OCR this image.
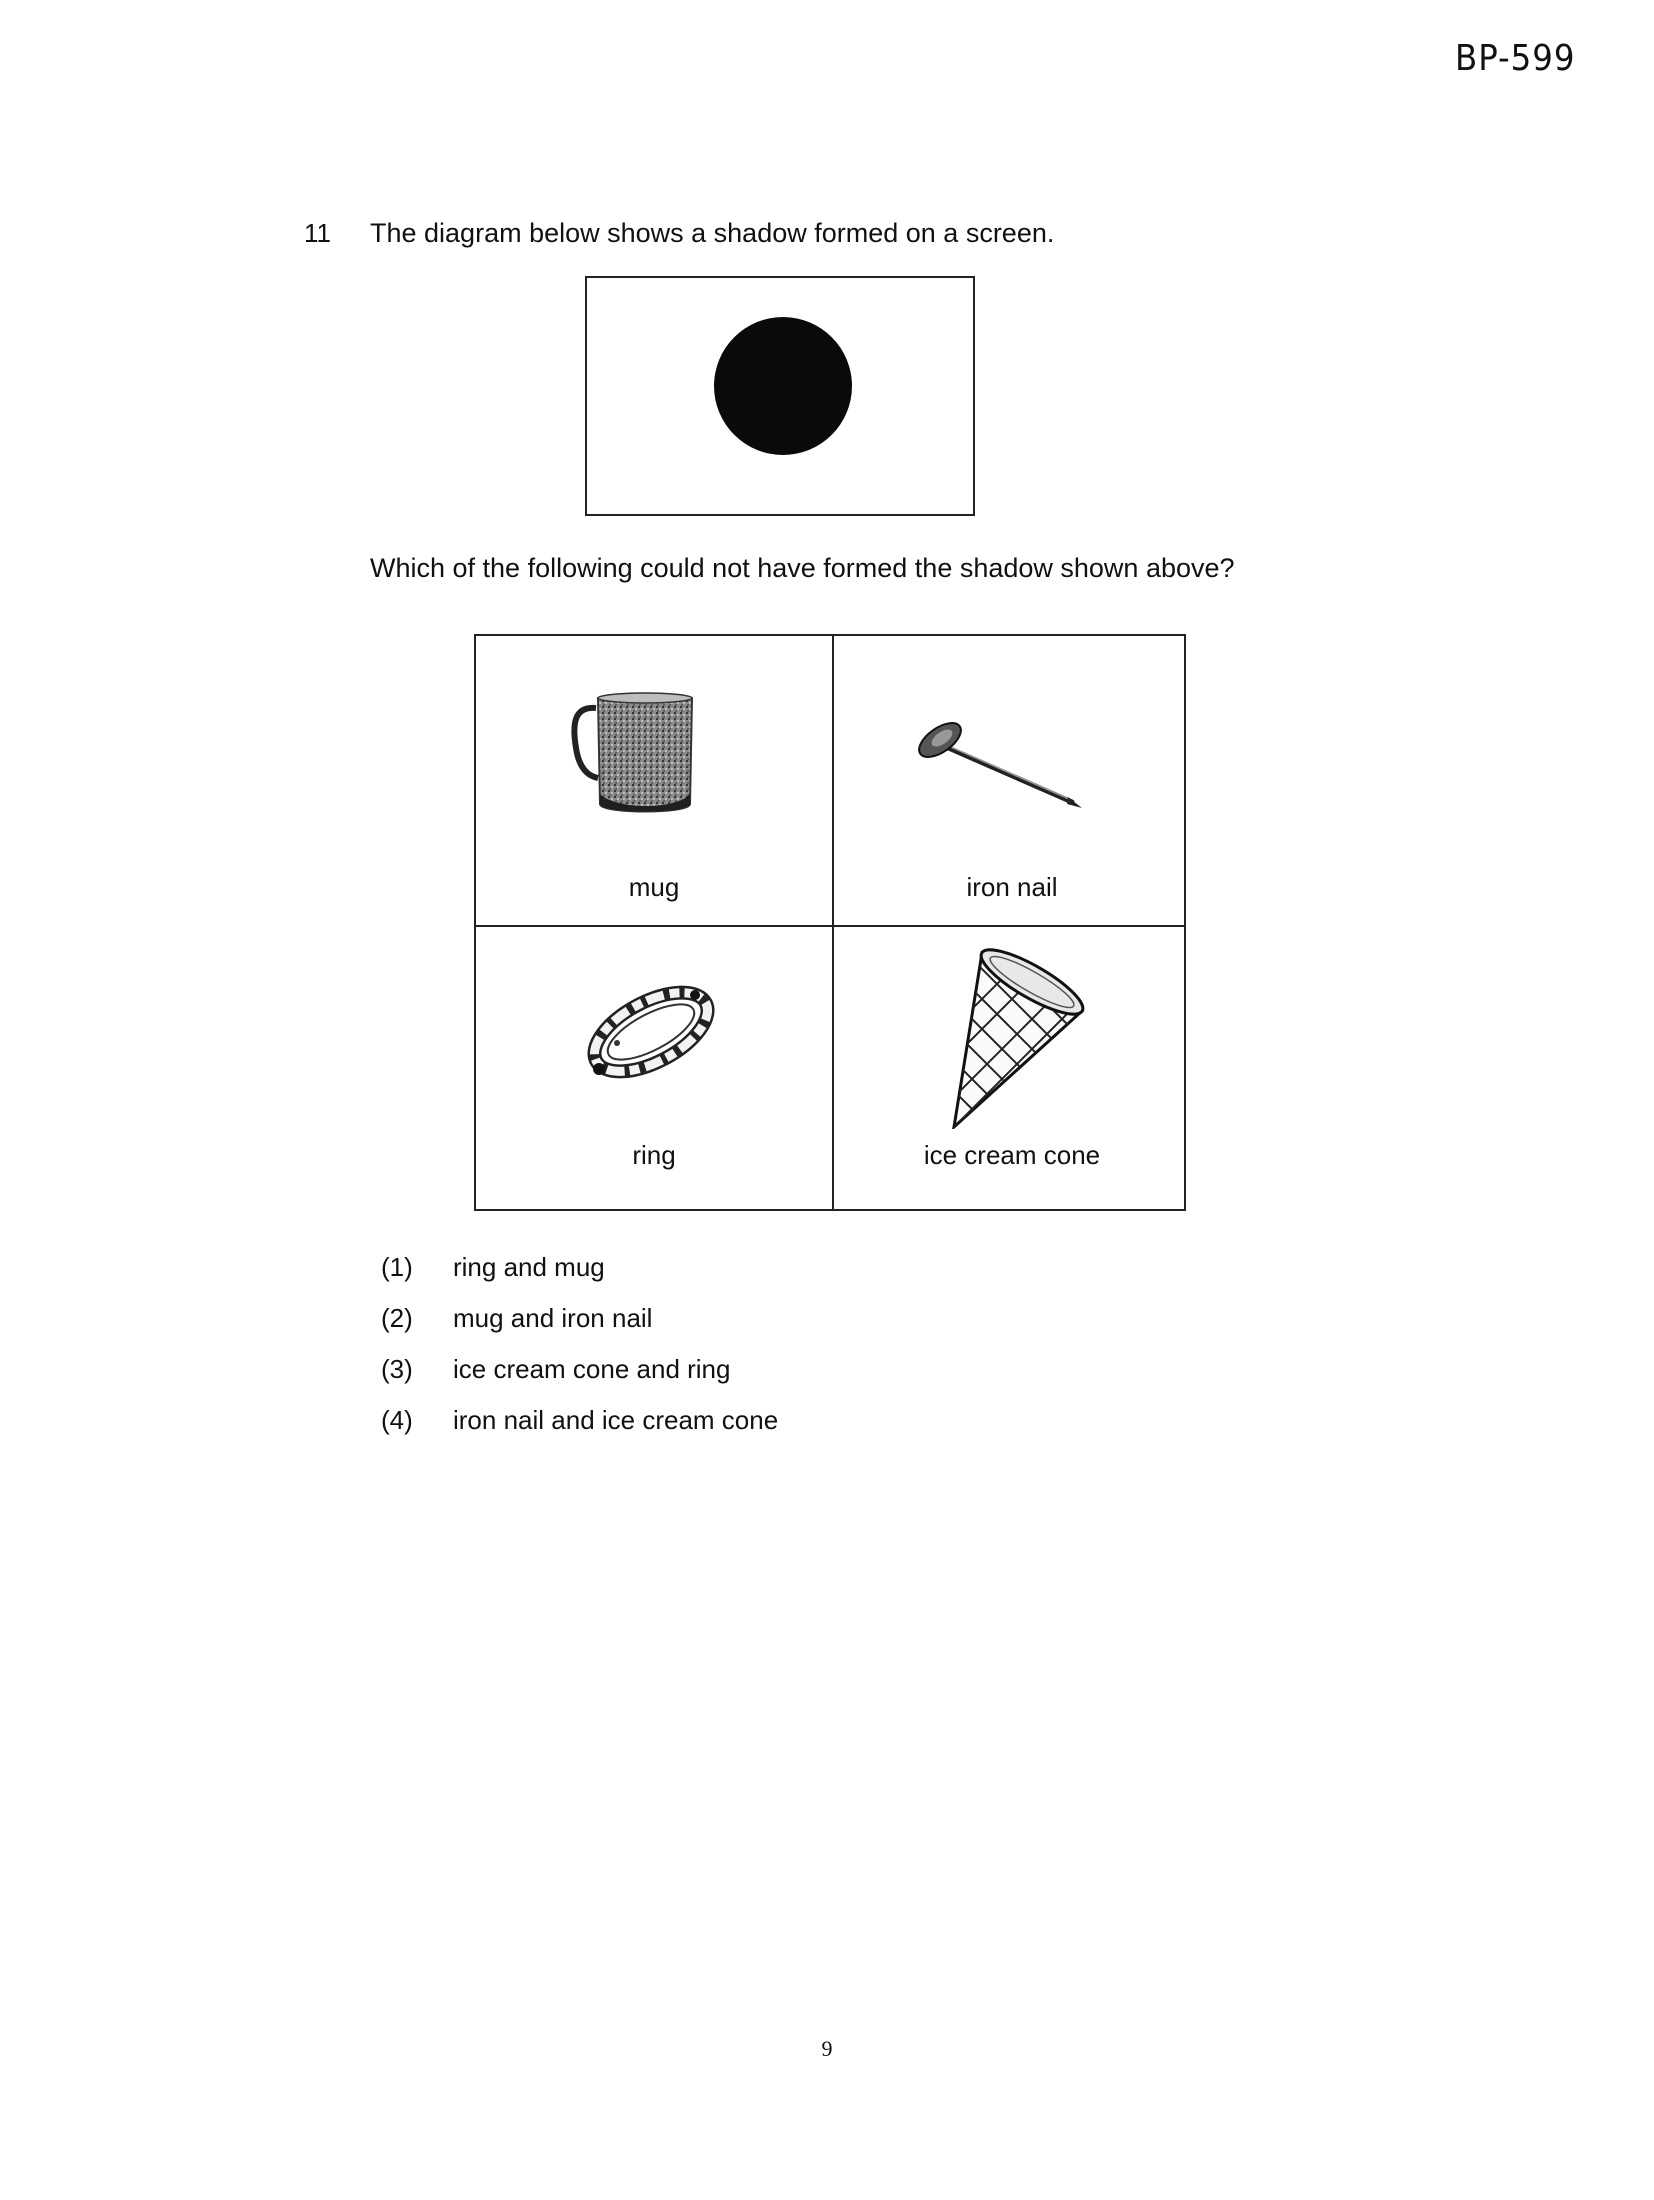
BP-599
11 The diagram below shows a shadow formed on a screen.
Which of the following could not have formed the shadow shown above?
mug	iron nail
ring	ice cream cone
(1) ring and mug
(2) mug and iron nail
(3) ice cream cone and ring
(4) iron nail and ice cream cone
9
